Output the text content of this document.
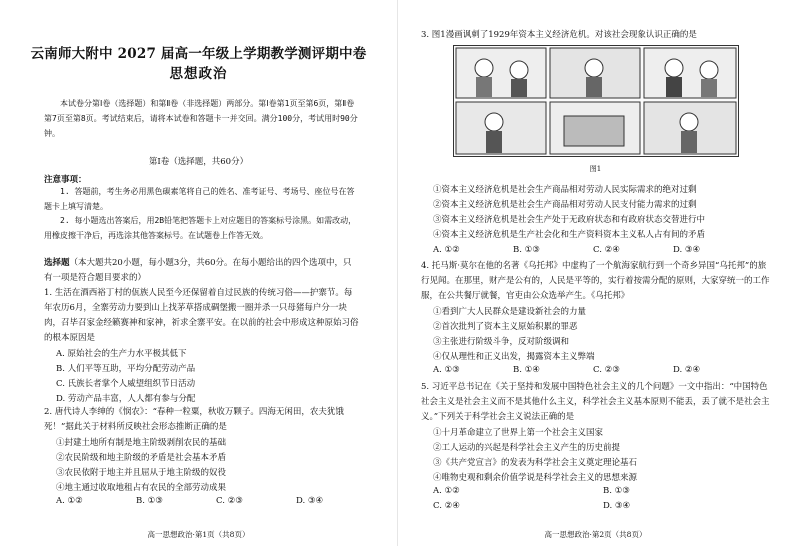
云南师大附中 2027 届高一年级上学期教学测评期中卷
思想政治
本试卷分第Ⅰ卷（选择题）和第Ⅱ卷（非选择题）两部分。第Ⅰ卷第1页至第6页，第Ⅱ卷第7页至第8页。考试结束后，请将本试卷和答题卡一并交回。满分100分，考试用时90分钟。
第Ⅰ卷（选择题，共60分）
注意事项：
1. 答题前，考生务必用黑色碳素笔将自己的姓名、准考证号、考场号、座位号在答题卡上填写清楚。
2. 每小题选出答案后，用2B铅笔把答题卡上对应题目的答案标号涂黑。如需改动，用橡皮擦干净后，再选涂其他答案标号。在试题卷上作答无效。
选择题（本大题共20小题，每小题3分，共60分。在每小题给出的四个选项中，只有一项是符合题目要求的）
1. 生活在酒西裕丁村的佤族人民至今还保留着自过民族的传统习俗——护寨节。每年农历6月，全寨劳动力要到山上找茅草搭成碉堡搬一圈并杀一只母猪每户分一块肉，召毕召家金经籁赛神和家神，祈求全寨平安。在以前的社会中形成这种原始习俗的根本原因是
A. 原始社会的生产力水平极其低下
B. 人们平等互助，平均分配劳动产品
C. 氏族长者掌个人威望组织节日活动
D. 劳动产品丰富，人人都有参与分配
2. 唐代诗人李绅的《悯农》：“春种一粒粟，秋收万颗子。四海无闲田，农夫犹饿死！”据此关于材料所反映社会形态推断正确的是
①封建土地所有制是地主阶级剥削农民的基础
②农民阶级和地主阶级的矛盾是社会基本矛盾
③农民依附于地主并且屈从于地主阶级的奴役
④地主通过收取地租占有农民的全部劳动成果
A. ①②	B. ①③	C. ②③	D. ③④
高一思想政治·第1页（共8页）
3. 图1漫画讽刺了1929年资本主义经济危机。对该社会现象认识正确的是
图1
①资本主义经济危机是社会生产商品相对劳动人民实际需求的绝对过剩
②资本主义经济危机是社会生产商品相对劳动人民支付能力需求的过剩
③资本主义经济危机是社会生产处于无政府状态和有政府状态交替进行中
④资本主义经济危机是生产社会化和生产资料资本主义私人占有间的矛盾
A. ①②	B. ①③	C. ②④	D. ③④
4. 托马斯·莫尔在他的名著《乌托邦》中虚构了一个航海家航行到一个奇乡异国“乌托邦”的旅行见闻。在那里，财产是公有的，人民是平等的，实行着按需分配的原则，大家穿统一的工作服，在公共餐厅就餐，官吏由公众选举产生。《乌托邦》
①看到广大人民群众是建设新社会的力量
②首次批判了资本主义原始积累的罪恶
③主张进行阶级斗争，反对阶级调和
④仅从理性和正义出发，揭露资本主义弊端
A. ①③	B. ①④	C. ②③	D. ②④
5. 习近平总书记在《关于坚持和发展中国特色社会主义的几个问题》一文中指出：“中国特色社会主义是社会主义而不是其他什么主义，科学社会主义基本原则不能丢，丢了就不是社会主义。”下列关于科学社会主义说法正确的是
①十月革命建立了世界上第一个社会主义国家
②工人运动的兴起是科学社会主义产生的历史前提
③《共产党宣言》的发表为科学社会主义奠定理论基石
④唯物史观和剩余价值学说是科学社会主义的思想来源
A. ①②	B. ①③
C. ②④	D. ③④
高一思想政治·第2页（共8页）
